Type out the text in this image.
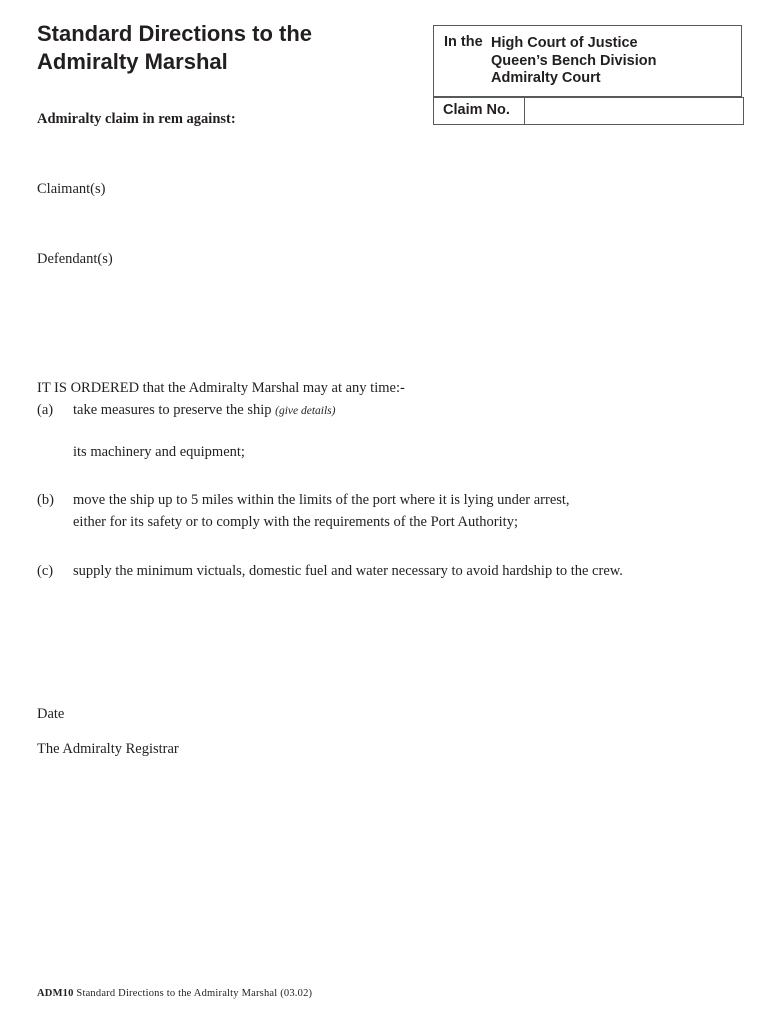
Standard Directions to the
Admiralty Marshal
In the High Court of Justice
Queen’s Bench Division
Admiralty Court
Claim No.
Admiralty claim in rem against:
Claimant(s)
Defendant(s)
IT IS ORDERED that the Admiralty Marshal may at any time:-
(a) take measures to preserve the ship (give details)
its machinery and equipment;
(b) move the ship up to 5 miles within the limits of the port where it is lying under arrest,
either for its safety or to comply with the requirements of the Port Authority;
(c) supply the minimum victuals, domestic fuel and water necessary to avoid hardship to the crew.
Date
The Admiralty Registrar
ADM10 Standard Directions to the Admiralty Marshal (03.02)
